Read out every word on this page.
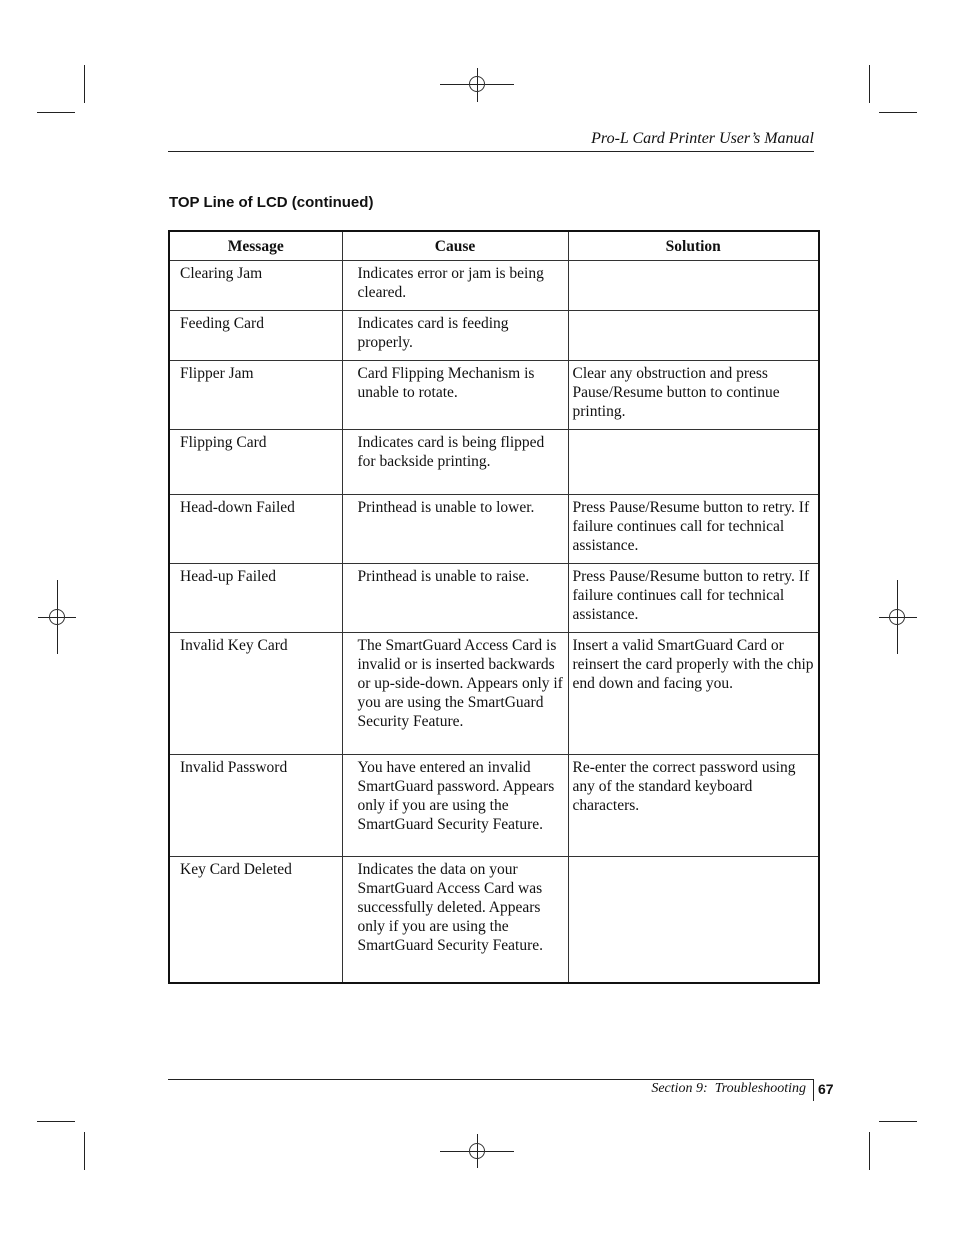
Pro-L Card Printer User’s Manual
TOP Line of LCD (continued)
Message	Cause	Solution
Clearing Jam	Indicates error or jam is being cleared.	
Feeding Card	Indicates card is feeding properly.	
Flipper Jam	Card Flipping Mechanism is unable to rotate.	Clear any obstruction and press Pause/Resume button to continue printing.
Flipping Card	Indicates card is being flipped for backside printing.	
Head-down Failed	Printhead is unable to lower.	Press Pause/Resume button to retry. If failure continues call for technical assistance.
Head-up Failed	Printhead is unable to raise.	Press Pause/Resume button to retry. If failure continues call for technical assistance.
Invalid Key Card	The SmartGuard Access Card is invalid or is inserted backwards or up-side-down. Appears only if you are using the SmartGuard Security Feature.	Insert a valid SmartGuard Card or reinsert the card properly with the chip end down and facing you.
Invalid Password	You have entered an invalid SmartGuard password. Appears only if you are using the SmartGuard Security Feature.	Re-enter the correct password using any of the standard keyboard characters.
Key Card Deleted	Indicates the data on your SmartGuard Access Card was successfully deleted. Appears only if you are using the SmartGuard Security Feature.	
Section 9:  Troubleshooting 67
